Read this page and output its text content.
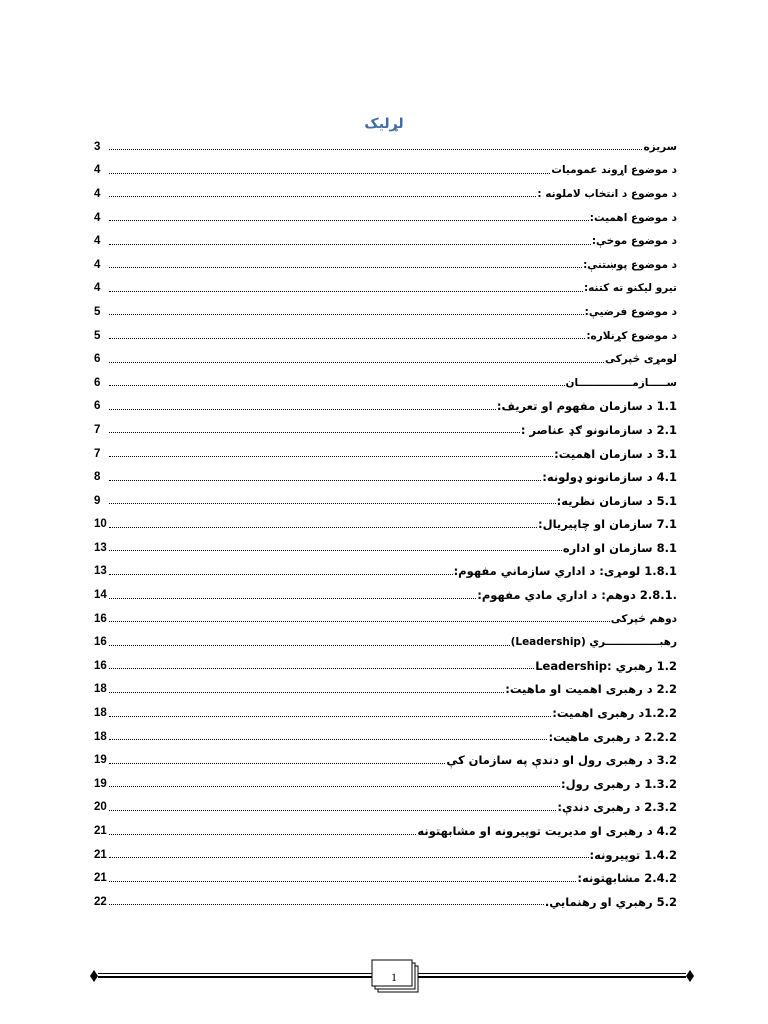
لړلیک
سریزه
3
د موضوع اړوند عمومیات
4
د موضوع د انتخاب لاملونه :
4
د موضوع اهمیت:
4
د موضوع موخې:
4
د موضوع پوښتنې:
4
تیرو لیکنو ته کتنه:
4
د موضوع فرضیې:
5
د موضوع کړنلاره:
5
لومړی څپرکی
6
ســـــازمـــــــــــــــان
6
1.1 د سازمان مفهوم او تعریف:
6
2.1 د سازمانونو ګډ عناصر :
7
3.1 د سازمان اهمیت:
7
4.1 د سازمانونو ډولونه:
8
5.1 د سازمان نظریه:
9
7.1 سازمان او چاپیریال:
10
8.1 سازمان او اداره
13
1.8.1 لومړی: د اداري سازماني مفهوم:
13
.2.8.1 دوهم: د اداري مادي مفهوم:
14
دوهم څپرکی
16
رهبـــــــــــــــري (Leadership)
16
1.2 رهبري :Leadership
16
2.2 د رهبری اهمیت او ماهیت:
18
1.2.2د رهبری اهمیت:
18
2.2.2 د رهبری ماهیت:
18
3.2 د رهبری رول او دندې په سازمان کې
19
1.3.2 د رهبری رول:
19
2.3.2 د رهبری دندې:
20
4.2 د رهبری او مدیریت توپیرونه او مشابهتونه
21
1.4.2 توپیرونه:
21
2.4.2 مشابهتونه:
21
5.2 رهبري او رهنمايي.
22
1
